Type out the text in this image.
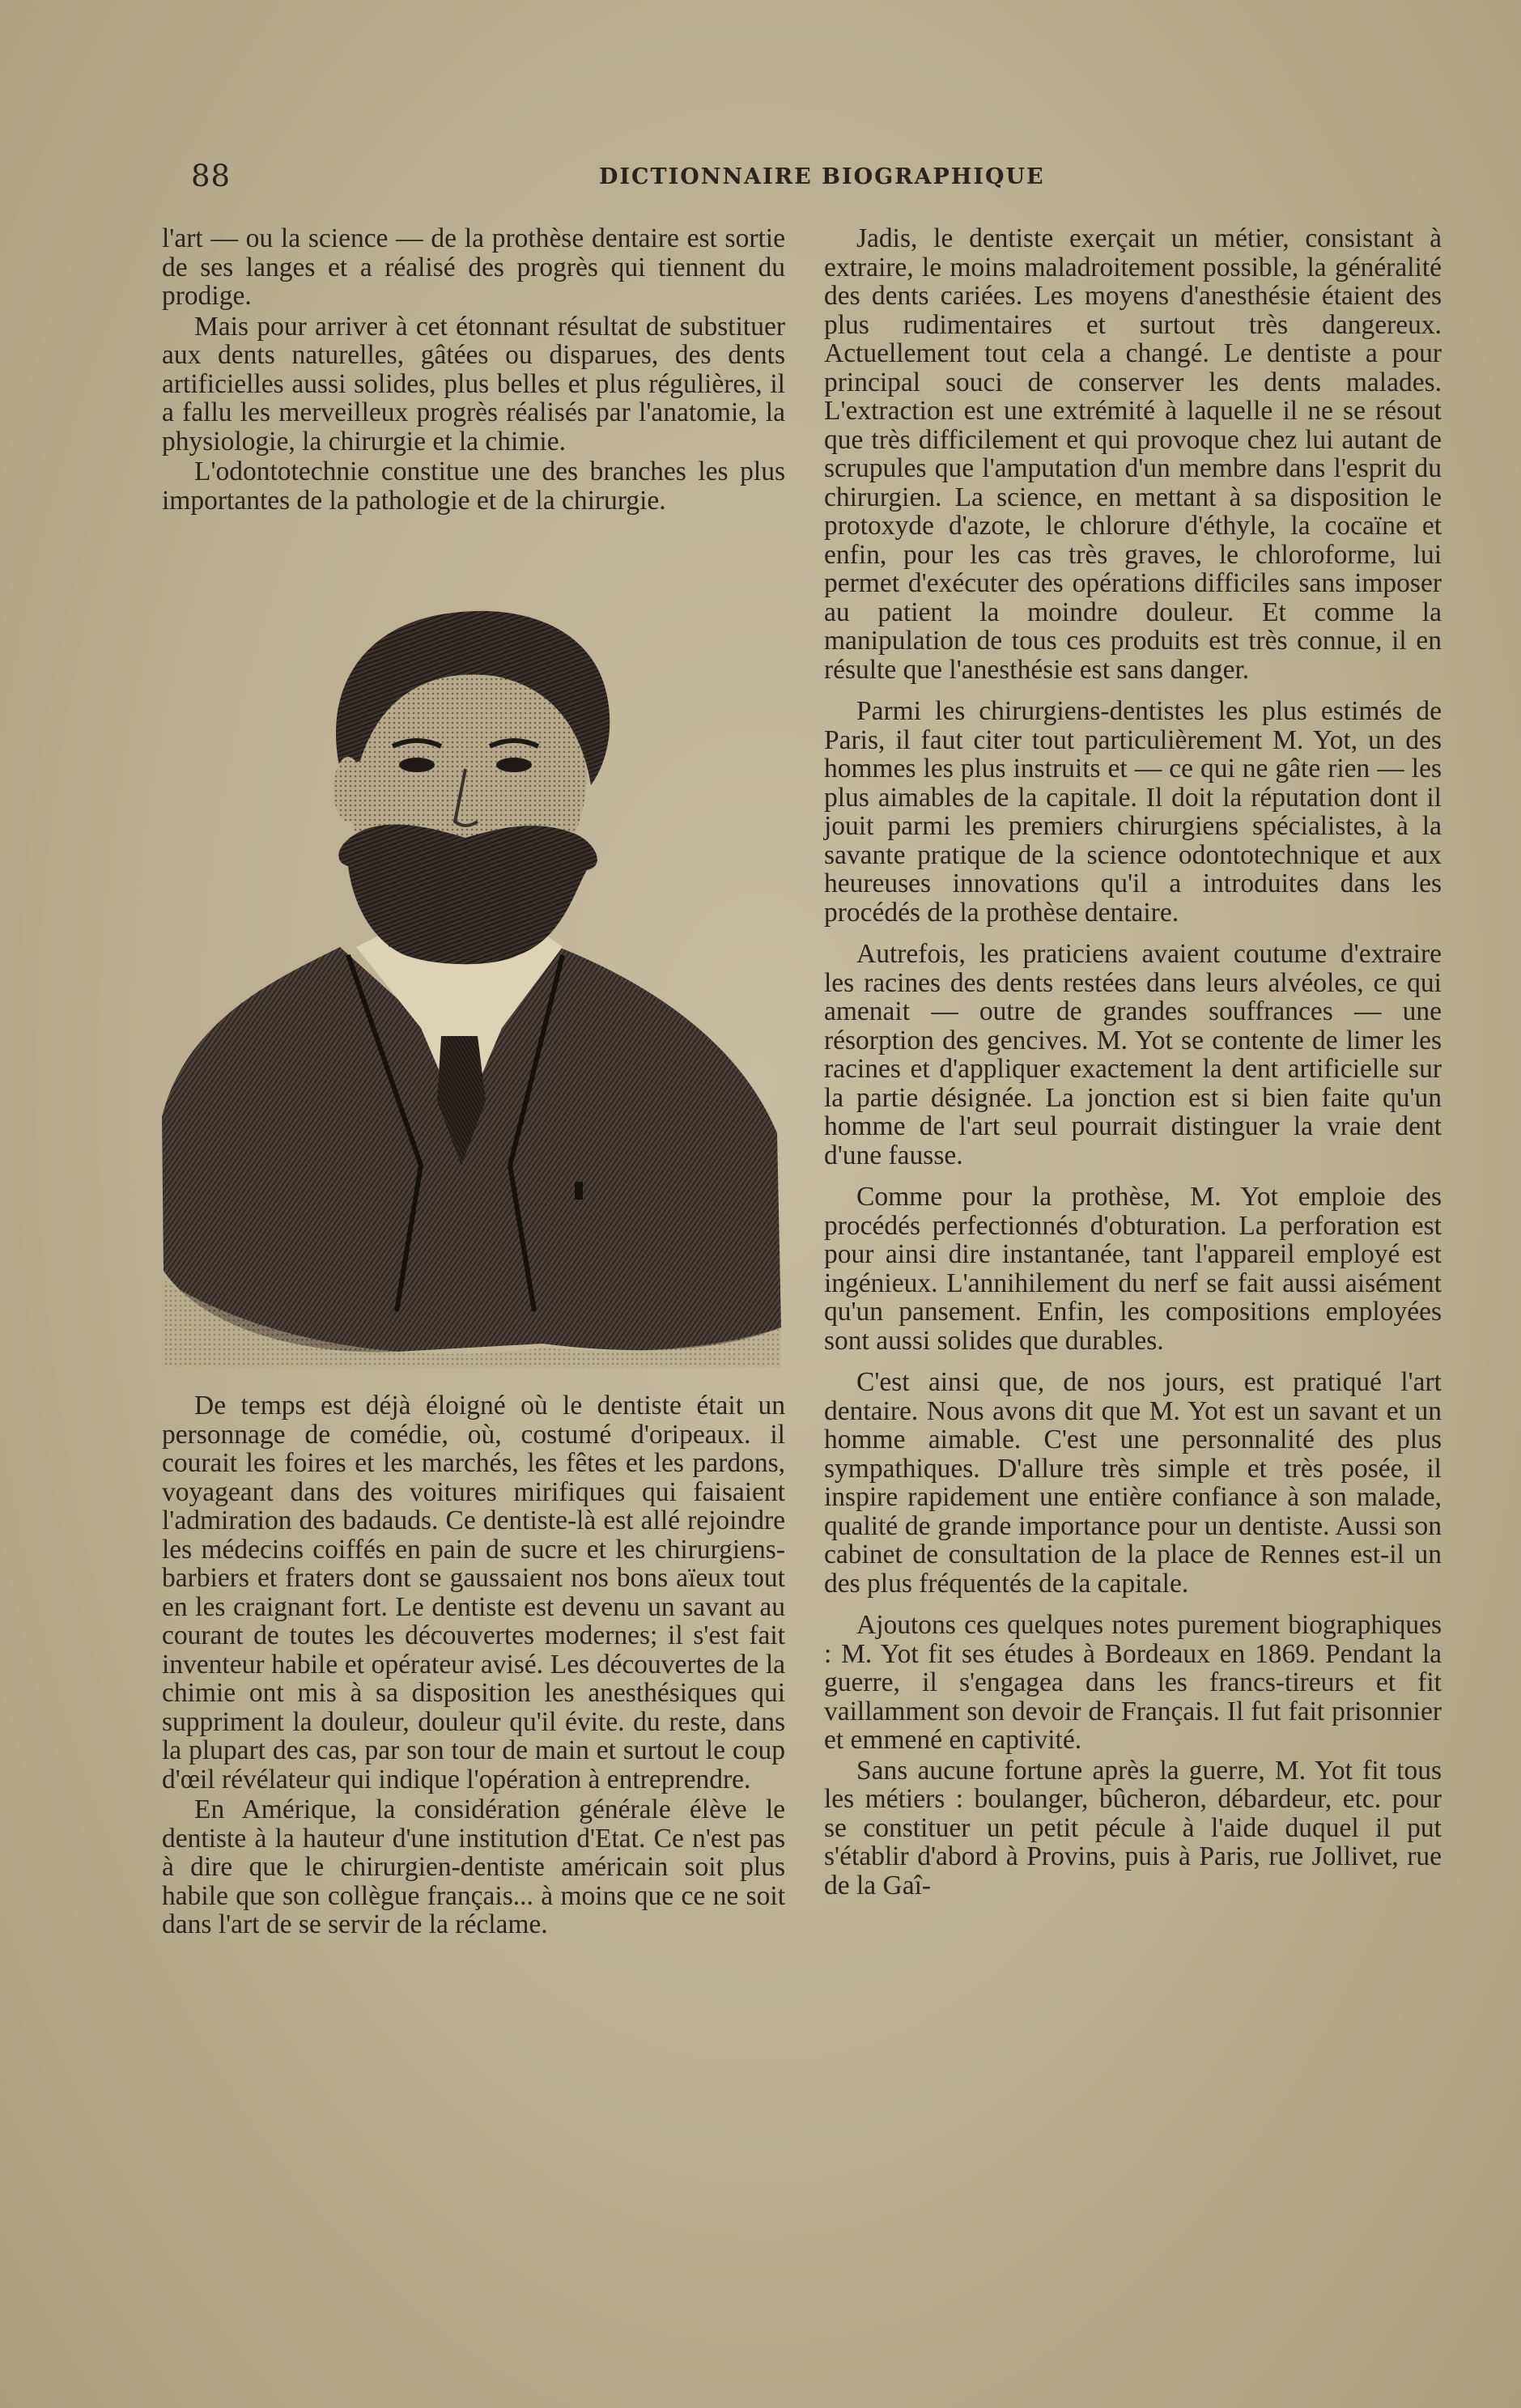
88	DICTIONNAIRE BIOGRAPHIQUE

l'art — ou la science — de la prothèse dentaire est sortie de ses langes et a réalisé des progrès qui tiennent du prodige.

Mais pour arriver à cet étonnant résultat de substituer aux dents naturelles, gâtées ou disparues, des dents artificielles aussi solides, plus belles et plus régulières, il a fallu les merveilleux progrès réalisés par l'anatomie, la physiologie, la chirurgie et la chimie.

L'odontotechnie constitue une des branches les plus importantes de la pathologie et de la chirurgie.

De temps est déjà éloigné où le dentiste était un personnage de comédie, où, costumé d'oripeaux. il courait les foires et les marchés, les fêtes et les pardons, voyageant dans des voitures mirifiques qui faisaient l'admiration des badauds. Ce dentiste-là est allé rejoindre les médecins coiffés en pain de sucre et les chirurgiens-barbiers et fraters dont se gaussaient nos bons aïeux tout en les craignant fort. Le dentiste est devenu un savant au courant de toutes les découvertes modernes; il s'est fait inventeur habile et opérateur avisé. Les découvertes de la chimie ont mis à sa disposition les anesthésiques qui suppriment la douleur, douleur qu'il évite. du reste, dans la plupart des cas, par son tour de main et surtout le coup d'œil révélateur qui indique l'opération à entreprendre.

En Amérique, la considération générale élève le dentiste à la hauteur d'une institution d'Etat. Ce n'est pas à dire que le chirurgien-dentiste américain soit plus habile que son collègue français... à moins que ce ne soit dans l'art de se servir de la réclame.

Jadis, le dentiste exerçait un métier, consistant à extraire, le moins maladroitement possible, la généralité des dents cariées. Les moyens d'anesthésie étaient des plus rudimentaires et surtout très dangereux. Actuellement tout cela a changé. Le dentiste a pour principal souci de conserver les dents malades. L'extraction est une extrémité à laquelle il ne se résout que très difficilement et qui provoque chez lui autant de scrupules que l'amputation d'un membre dans l'esprit du chirurgien. La science, en mettant à sa disposition le protoxyde d'azote, le chlorure d'éthyle, la cocaïne et enfin, pour les cas très graves, le chloroforme, lui permet d'exécuter des opérations difficiles sans imposer au patient la moindre douleur. Et comme la manipulation de tous ces produits est très connue, il en résulte que l'anesthésie est sans danger.

Parmi les chirurgiens-dentistes les plus estimés de Paris, il faut citer tout particulièrement M. Yot, un des hommes les plus instruits et — ce qui ne gâte rien — les plus aimables de la capitale. Il doit la réputation dont il jouit parmi les premiers chirurgiens spécialistes, à la savante pratique de la science odontotechnique et aux heureuses innovations qu'il a introduites dans les procédés de la prothèse dentaire.

Autrefois, les praticiens avaient coutume d'extraire les racines des dents restées dans leurs alvéoles, ce qui amenait — outre de grandes souffrances — une résorption des gencives. M. Yot se contente de limer les racines et d'appliquer exactement la dent artificielle sur la partie désignée. La jonction est si bien faite qu'un homme de l'art seul pourrait distinguer la vraie dent d'une fausse.

Comme pour la prothèse, M. Yot emploie des procédés perfectionnés d'obturation. La perforation est pour ainsi dire instantanée, tant l'appareil employé est ingénieux. L'annihilement du nerf se fait aussi aisément qu'un pansement. Enfin, les compositions employées sont aussi solides que durables.

C'est ainsi que, de nos jours, est pratiqué l'art dentaire. Nous avons dit que M. Yot est un savant et un homme aimable. C'est une personnalité des plus sympathiques. D'allure très simple et très posée, il inspire rapidement une entière confiance à son malade, qualité de grande importance pour un dentiste. Aussi son cabinet de consultation de la place de Rennes est-il un des plus fréquentés de la capitale.

Ajoutons ces quelques notes purement biographiques : M. Yot fit ses études à Bordeaux en 1869. Pendant la guerre, il s'engagea dans les francs-tireurs et fit vaillamment son devoir de Français. Il fut fait prisonnier et emmené en captivité.

Sans aucune fortune après la guerre, M. Yot fit tous les métiers : boulanger, bûcheron, débardeur, etc. pour se constituer un petit pécule à l'aide duquel il put s'établir d'abord à Provins, puis à Paris, rue Jollivet, rue de la Gaî-
